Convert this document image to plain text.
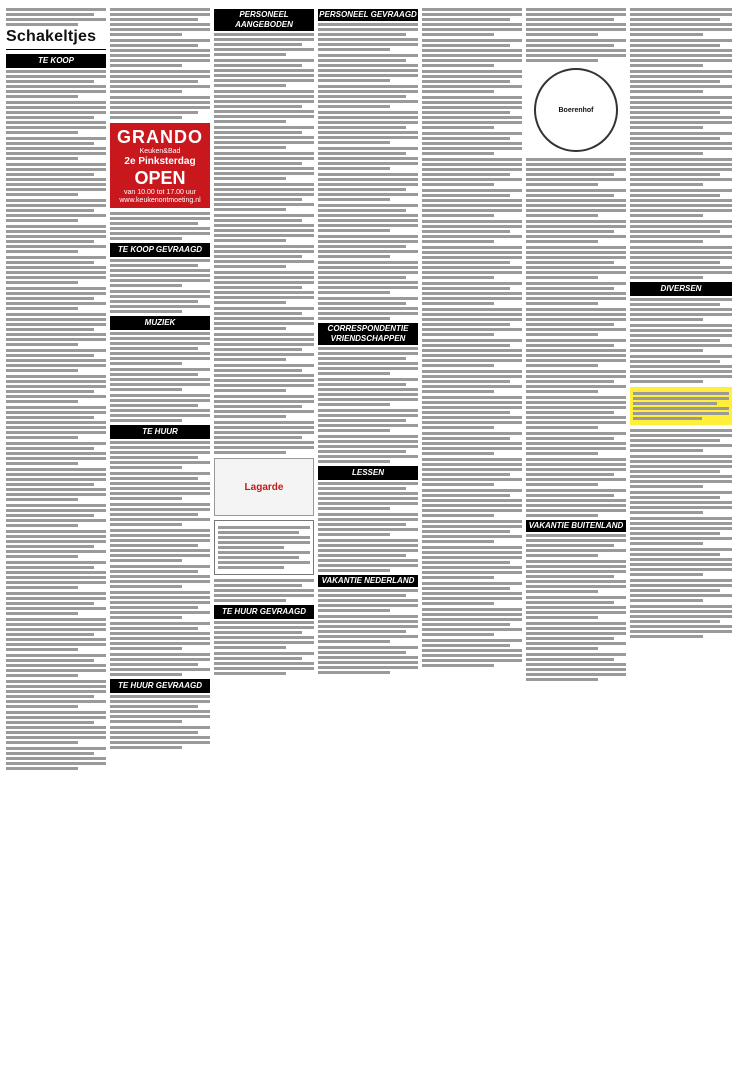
Schakeltjes
TE KOOP
GRANDO
Keuken&Bad
2e Pinksterdag
OPEN
van 10.00 tot 17.00 uur
www.keukenontmoeting.nl
TE KOOP GEVRAAGD
MUZIEK
TE HUUR
TE HUUR GEVRAAGD
PERSONEEL AANGEBODEN
Lagarde
TE HUUR GEVRAAGD
PERSONEEL GEVRAAGD
CORRESPONDENTIE VRIENDSCHAPPEN
LESSEN
VAKANTIE NEDERLAND
Boerenhof
VAKANTIE BUITENLAND
DIVERSEN
